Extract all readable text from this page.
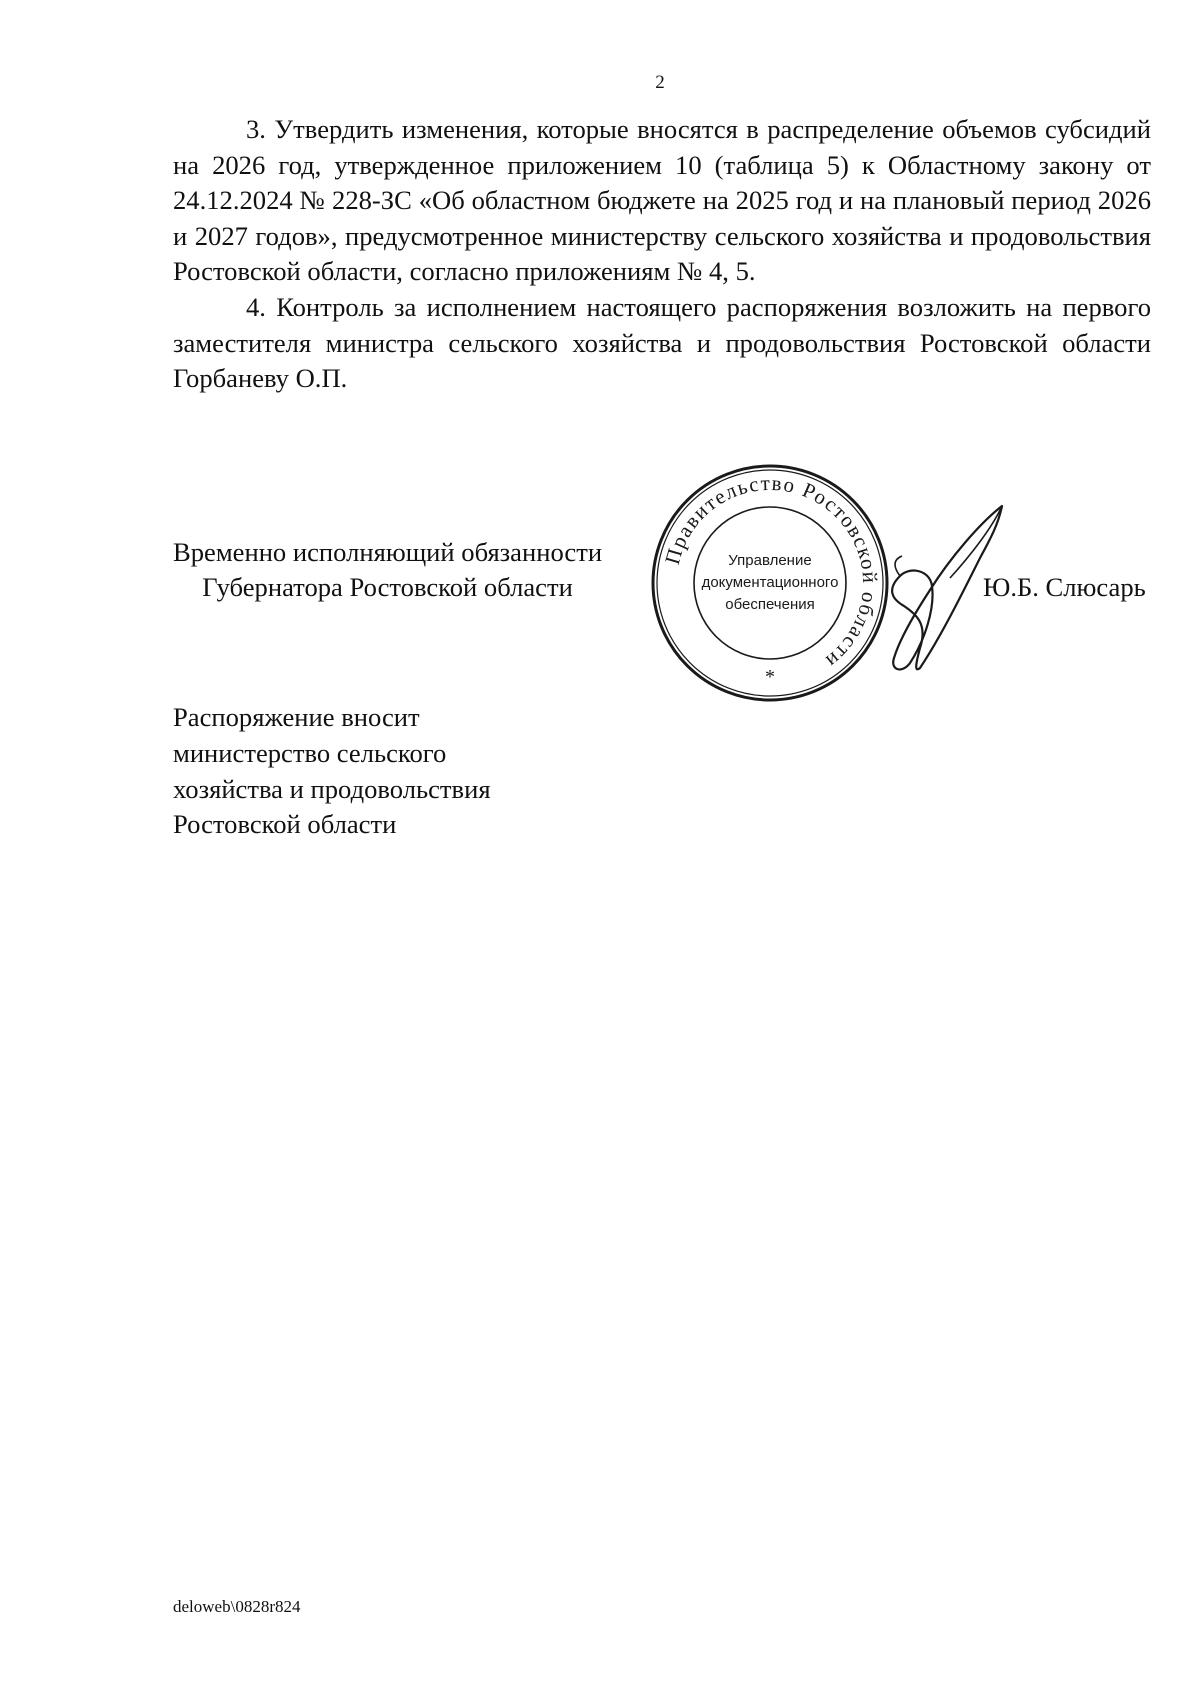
2

3. Утвердить изменения, которые вносятся в распределение объемов субсидий на 2026 год, утвержденное приложением 10 (таблица 5) к Областному закону от 24.12.2024 № 228-ЗС «Об областном бюджете на 2025 год и на плановый период 2026 и 2027 годов», предусмотренное министерству сельского хозяйства и продовольствия Ростовской области, согласно приложениям № 4, 5.

4. Контроль за исполнением настоящего распоряжения возложить на первого заместителя министра сельского хозяйства и продовольствия Ростовской области Горбаневу О.П.

Временно исполняющий обязанности
Губернатора Ростовской области
Правительство Ростовской области
Управление
документационного
обеспечения
*
Ю.Б. Слюсарь
Распоряжение вносит
министерство сельского
хозяйства и продовольствия
Ростовской области
deloweb\0828r824
